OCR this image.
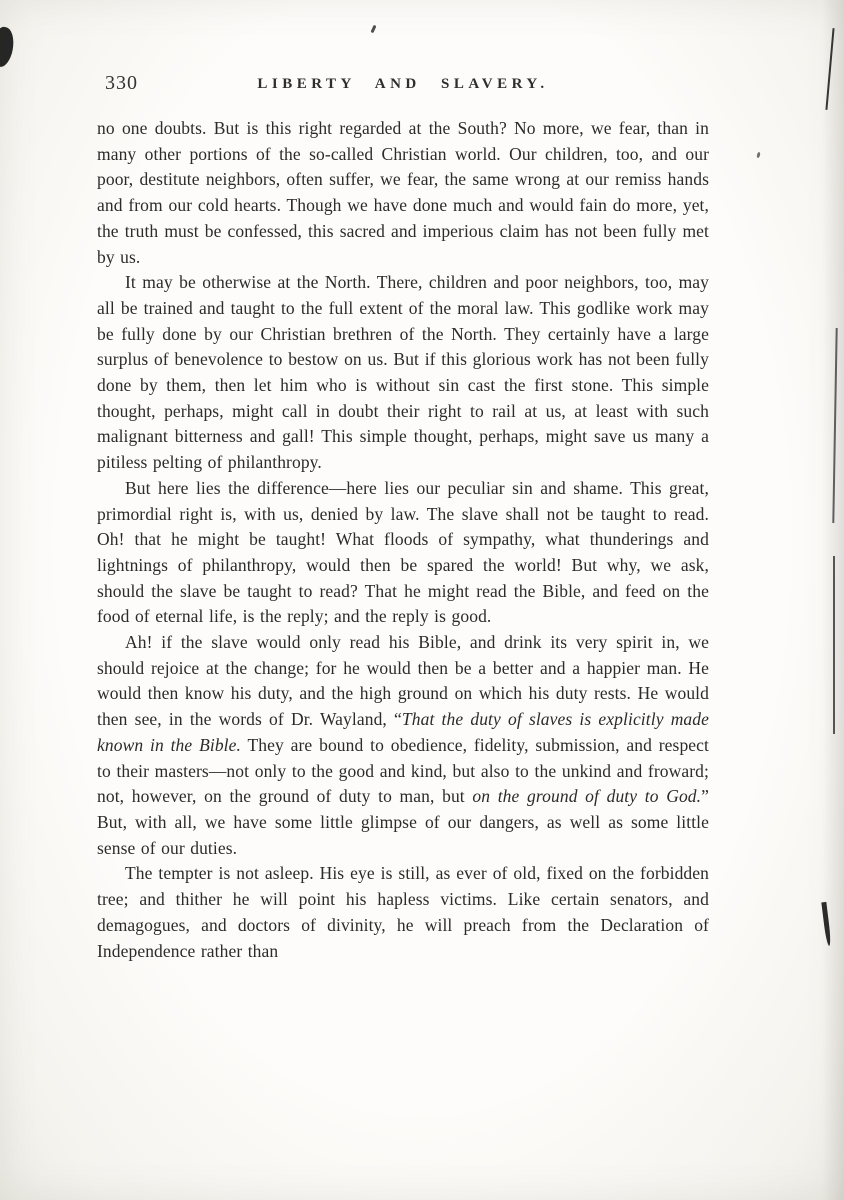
330	LIBERTY AND SLAVERY.

no one doubts. But is this right regarded at the South? No more, we fear, than in many other portions of the so-called Christian world. Our children, too, and our poor, destitute neighbors, often suffer, we fear, the same wrong at our remiss hands and from our cold hearts. Though we have done much and would fain do more, yet, the truth must be confessed, this sacred and imperious claim has not been fully met by us.

It may be otherwise at the North. There, children and poor neighbors, too, may all be trained and taught to the full extent of the moral law. This godlike work may be fully done by our Christian brethren of the North. They certainly have a large surplus of benevolence to bestow on us. But if this glorious work has not been fully done by them, then let him who is without sin cast the first stone. This simple thought, perhaps, might call in doubt their right to rail at us, at least with such malignant bitterness and gall! This simple thought, perhaps, might save us many a pitiless pelting of philanthropy.

But here lies the difference—here lies our peculiar sin and shame. This great, primordial right is, with us, denied by law. The slave shall not be taught to read. Oh! that he might be taught! What floods of sympathy, what thunderings and lightnings of philanthropy, would then be spared the world! But why, we ask, should the slave be taught to read? That he might read the Bible, and feed on the food of eternal life, is the reply; and the reply is good.

Ah! if the slave would only read his Bible, and drink its very spirit in, we should rejoice at the change; for he would then be a better and a happier man. He would then know his duty, and the high ground on which his duty rests. He would then see, in the words of Dr. Wayland, “That the duty of slaves is explicitly made known in the Bible. They are bound to obedience, fidelity, submission, and respect to their masters—not only to the good and kind, but also to the unkind and froward; not, however, on the ground of duty to man, but on the ground of duty to God.” But, with all, we have some little glimpse of our dangers, as well as some little sense of our duties.

The tempter is not asleep. His eye is still, as ever of old, fixed on the forbidden tree; and thither he will point his hapless victims. Like certain senators, and demagogues, and doctors of divinity, he will preach from the Declaration of Independence rather than
